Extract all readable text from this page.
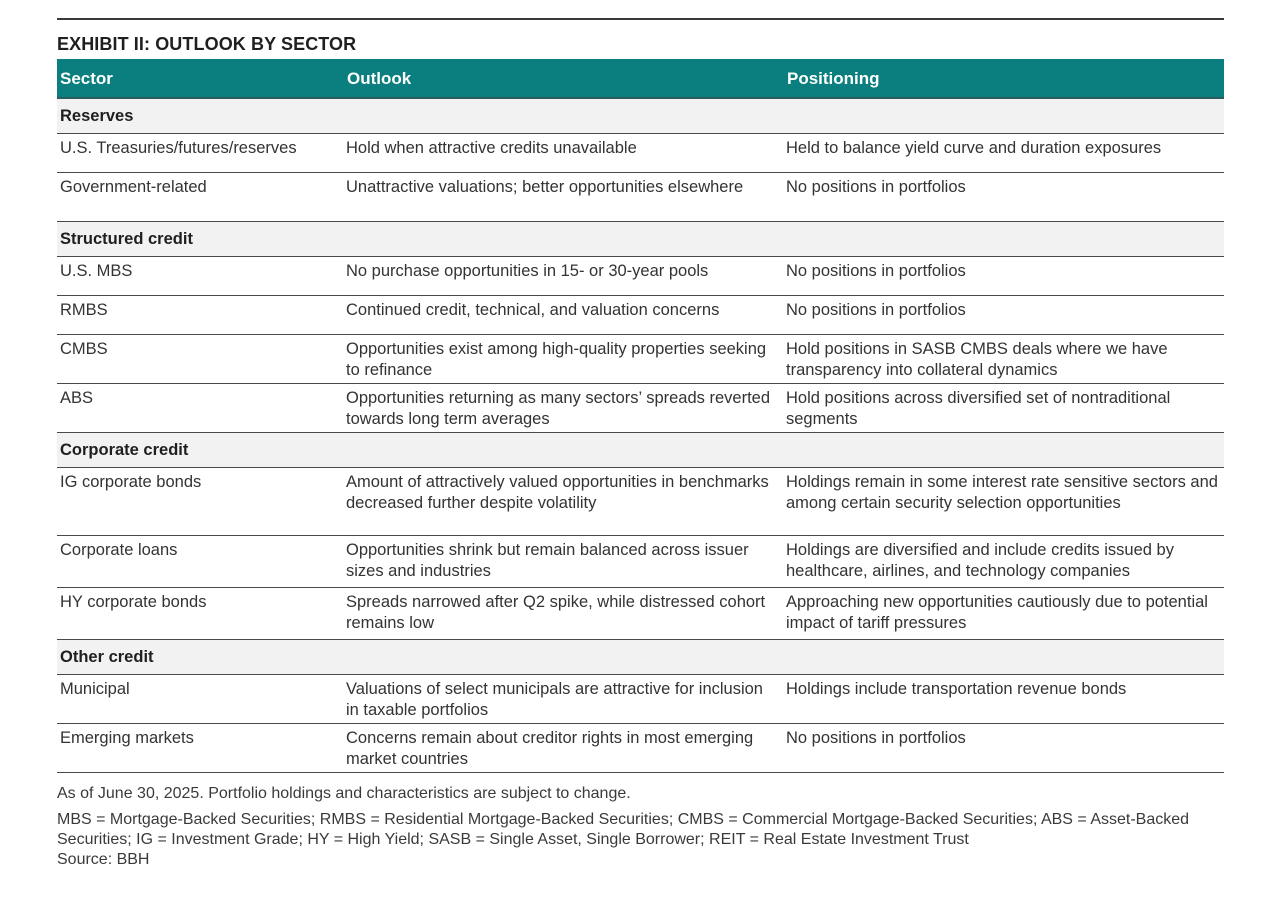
EXHIBIT II: OUTLOOK BY SECTOR
Sector	Outlook	Positioning
Reserves		
U.S. Treasuries/futures/reserves	Hold when attractive credits unavailable	Held to balance yield curve and duration exposures
Government-related	Unattractive valuations; better opportunities elsewhere	No positions in portfolios
Structured credit		
U.S. MBS	No purchase opportunities in 15- or 30-year pools	No positions in portfolios
RMBS	Continued credit, technical, and valuation concerns	No positions in portfolios
CMBS	Opportunities exist among high-quality properties seeking to refinance	Hold positions in SASB CMBS deals where we have transparency into collateral dynamics
ABS	Opportunities returning as many sectors’ spreads reverted towards long term averages	Hold positions across diversified set of nontraditional segments
Corporate credit		
IG corporate bonds	Amount of attractively valued opportunities in benchmarks decreased further despite volatility	Holdings remain in some interest rate sensitive sectors and among certain security selection opportunities
Corporate loans	Opportunities shrink but remain balanced across issuer sizes and industries	Holdings are diversified and include credits issued by healthcare, airlines, and technology companies
HY corporate bonds	Spreads narrowed after Q2 spike, while distressed cohort remains low	Approaching new opportunities cautiously due to potential impact of tariff pressures
Other credit		
Municipal	Valuations of select municipals are attractive for inclusion in taxable portfolios	Holdings include transportation revenue bonds
Emerging markets	Concerns remain about creditor rights in most emerging market countries	No positions in portfolios

As of June 30, 2025. Portfolio holdings and characteristics are subject to change.

MBS = Mortgage-Backed Securities; RMBS = Residential Mortgage-Backed Securities; CMBS = Commercial Mortgage-Backed Securities; ABS = Asset-Backed Securities; IG = Investment Grade; HY = High Yield; SASB = Single Asset, Single Borrower; REIT = Real Estate Investment Trust

Source: BBH
